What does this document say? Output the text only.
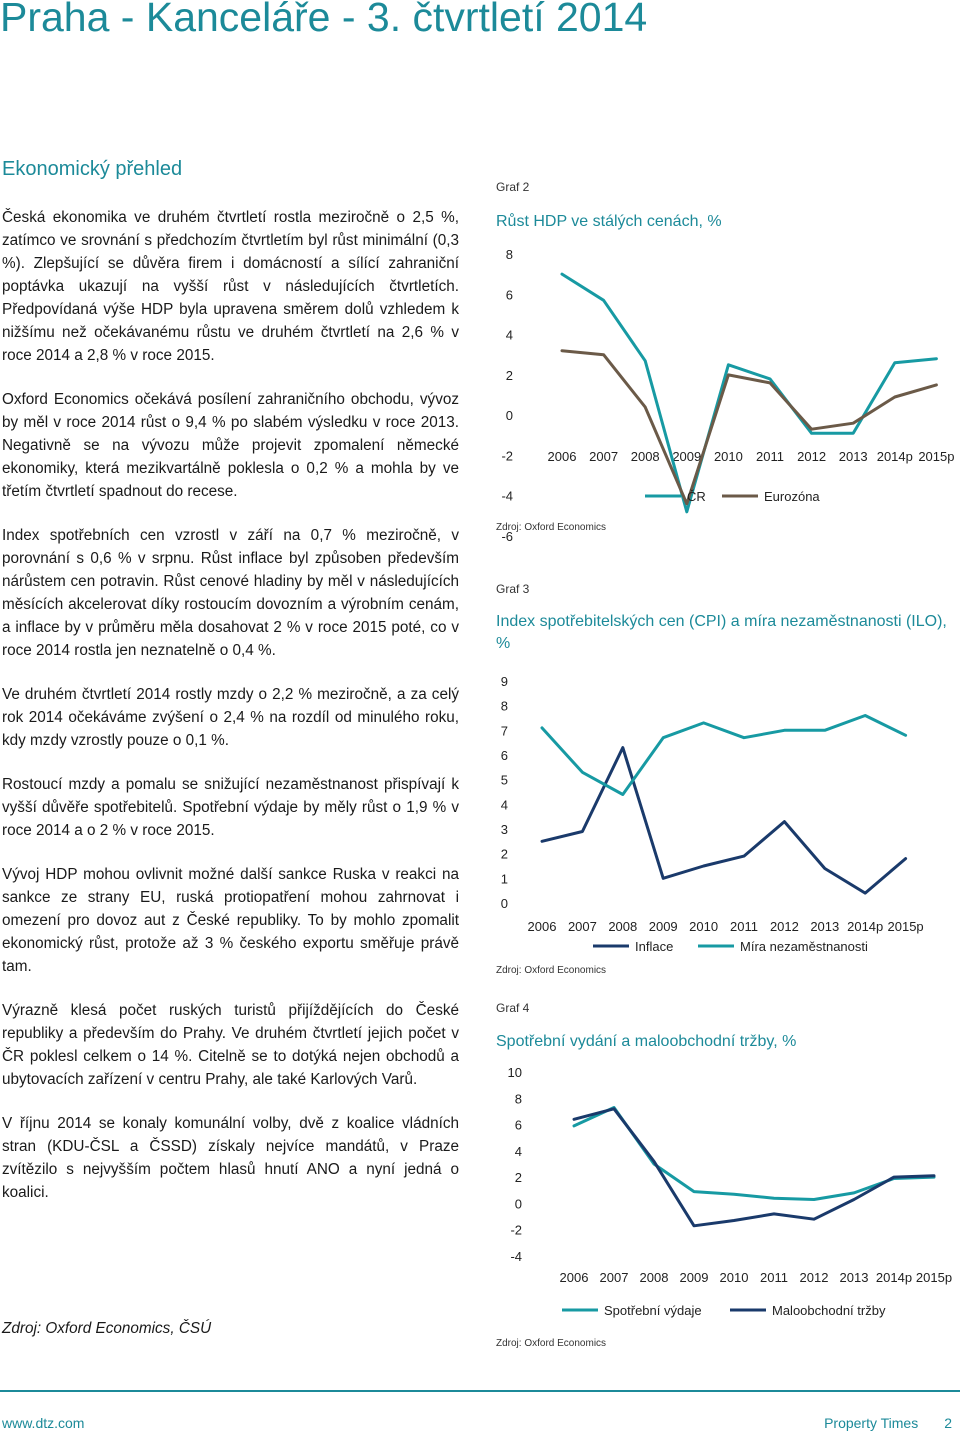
Praha - Kanceláře - 3. čtvrtletí 2014
Ekonomický přehled

Česká ekonomika ve druhém čtvrtletí rostla meziročně o 2,5 %, zatímco ve srovnání s předchozím čtvrtletím byl růst minimální (0,3 %). Zlepšující se důvěra firem i domácností a sílící zahraniční poptávka ukazují na vyšší růst v následujících čtvrtletích. Předpovídaná výše HDP byla upravena směrem dolů vzhledem k nižšímu než očekávanému růstu ve druhém čtvrtletí na 2,6 % v roce 2014 a 2,8 % v roce 2015.

Oxford Economics očekává posílení zahraničního obchodu, vývoz by měl v roce 2014 růst o 9,4 % po slabém výsledku v roce 2013. Negativně se na vývozu může projevit zpomalení německé ekonomiky, která mezikvartálně poklesla o 0,2 % a mohla by ve třetím čtvrtletí spadnout do recese.

Index spotřebních cen vzrostl v září na 0,7 % meziročně, v porovnání s 0,6 % v srpnu. Růst inflace byl způsoben především nárůstem cen potravin. Růst cenové hladiny by měl v následujících měsících akcelerovat díky rostoucím dovozním a výrobním cenám, a inflace by v průměru měla dosahovat 2 % v roce 2015 poté, co v roce 2014 rostla jen neznatelně o 0,4 %.

Ve druhém čtvrtletí 2014 rostly mzdy o 2,2 % meziročně, a za celý rok 2014 očekáváme zvýšení o 2,4 % na rozdíl od minulého roku, kdy mzdy vzrostly pouze o 0,1 %.

Rostoucí mzdy a pomalu se snižující nezaměstnanost přispívají k vyšší důvěře spotřebitelů. Spotřební výdaje by měly růst o 1,9 % v roce 2014 a o 2 % v roce 2015.

Vývoj HDP mohou ovlivnit možné další sankce Ruska v reakci na sankce ze strany EU, ruská protiopatření mohou zahrnovat i omezení pro dovoz aut z České republiky. To by mohlo zpomalit ekonomický růst, protože až 3 % českého exportu směřuje právě tam.

Výrazně klesá počet ruských turistů přijíždějících do České republiky a především do Prahy. Ve druhém čtvrtletí jejich počet v ČR poklesl celkem o 14 %. Citelně se to dotýká nejen obchodů a ubytovacích zařízení v centru Prahy, ale také Karlových Varů.

V říjnu 2014 se konaly komunální volby, dvě z koalice vládních stran (KDU-ČSL a ČSSD) získaly nejvíce mandátů, v Praze zvítězilo s nejvyšším počtem hlasů hnutí ANO a nyní jedná o koalici.

Zdroj: Oxford Economics, ČSÚ

Graf 2
Růst HDP ve stálých cenách, %
8
6
4
2
0
-2
-4
-6
2006 2007 2008 2009 2010 2011 2012 2013 2014p 2015p
ČR	Eurozóna
Zdroj: Oxford Economics
Graf 3
Index spotřebitelských cen (CPI) a míra nezaměstnanosti (ILO), %
9
8
7
6
5
4
3
2
1
0
2006 2007 2008 2009 2010 2011 2012 2013 2014p 2015p
Inflace	Míra nezaměstnanosti
Zdroj: Oxford Economics
Graf 4
Spotřební vydání a maloobchodní tržby, %
10
8
6
4
2
0
-2
-4
2006 2007 2008 2009 2010 2011 2012 2013 2014p 2015p
Spotřební výdaje	Maloobchodní tržby
Zdroj: Oxford Economics
www.dtz.com	Property Times 2
